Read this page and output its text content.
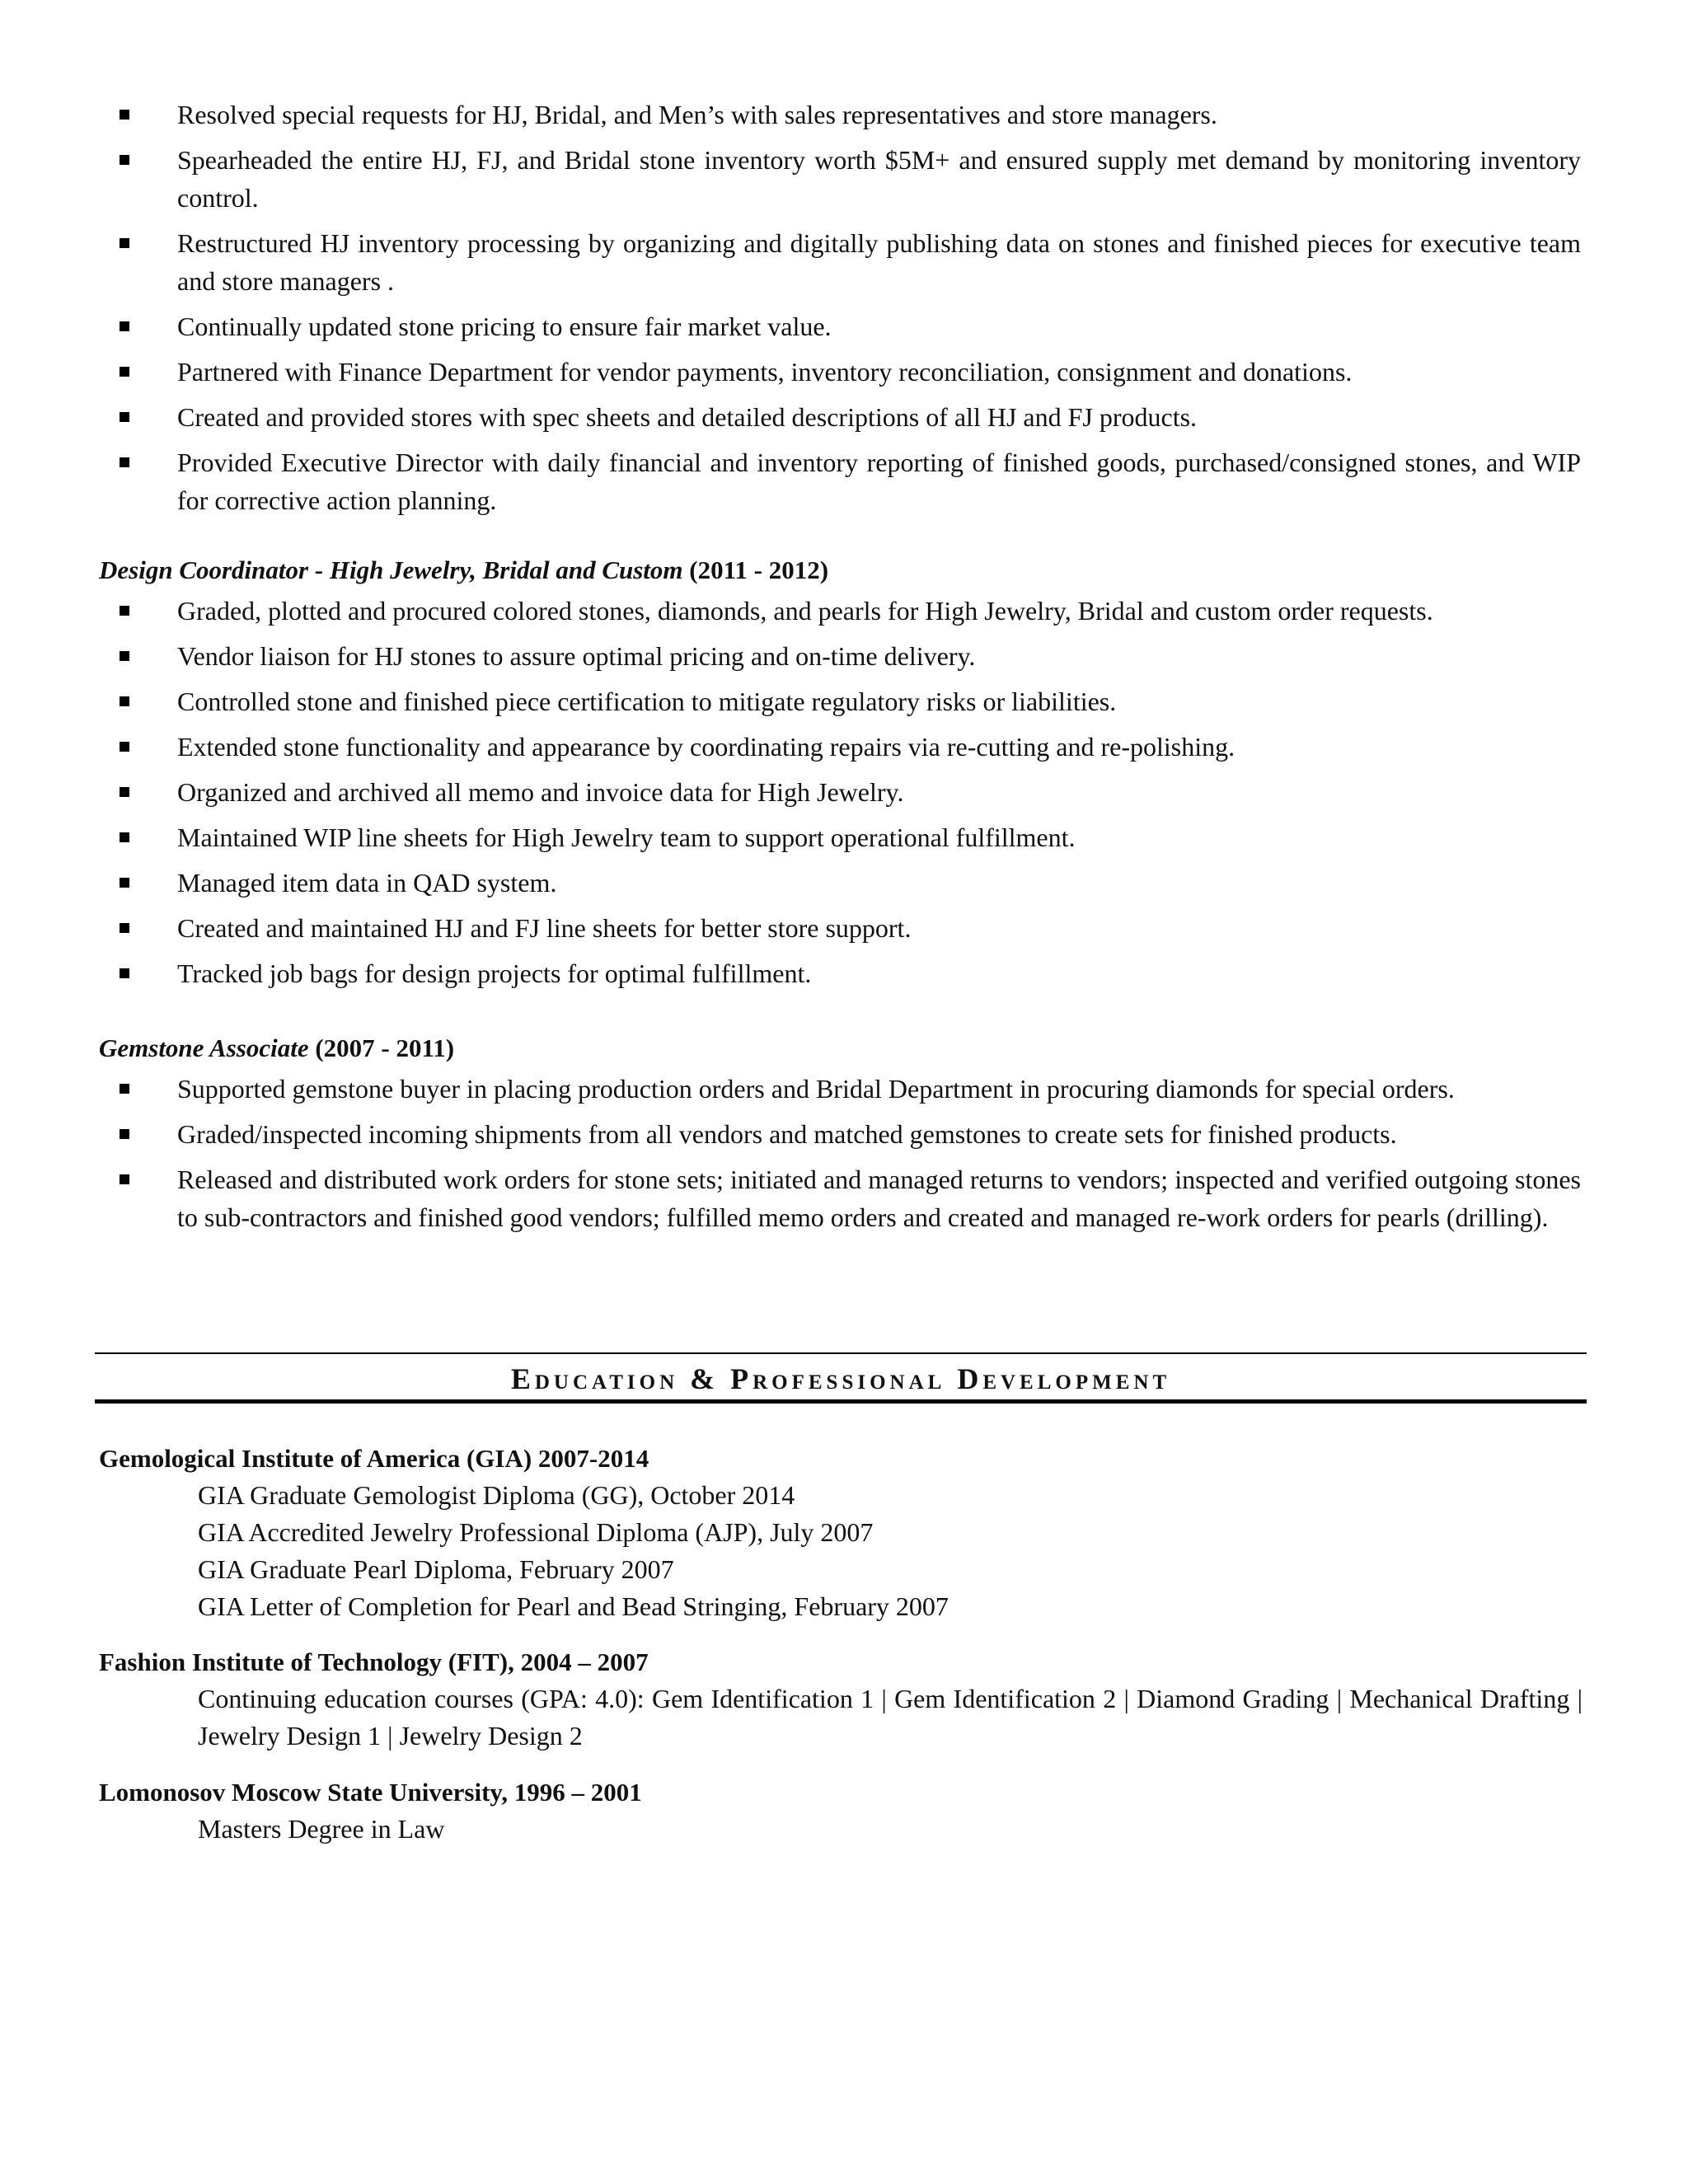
Resolved special requests for HJ, Bridal, and Men’s with sales representatives and store managers.
Spearheaded the entire HJ, FJ, and Bridal stone inventory worth $5M+ and ensured supply met demand by monitoring inventory control.
Restructured HJ inventory processing by organizing and digitally publishing data on stones and finished pieces for executive team and store managers .
Continually updated stone pricing to ensure fair market value.
Partnered with Finance Department for vendor payments, inventory reconciliation, consignment and donations.
Created and provided stores with spec sheets and detailed descriptions of all HJ and FJ products.
Provided Executive Director with daily financial and inventory reporting of finished goods, purchased/consigned stones, and WIP for corrective action planning.
Design Coordinator - High Jewelry, Bridal and Custom (2011 - 2012)
Graded, plotted and procured colored stones, diamonds, and pearls for High Jewelry, Bridal and custom order requests.
Vendor liaison for HJ stones to assure optimal pricing and on-time delivery.
Controlled stone and finished piece certification to mitigate regulatory risks or liabilities.
Extended stone functionality and appearance by coordinating repairs via re-cutting and re-polishing.
Organized and archived all memo and invoice data for High Jewelry.
Maintained WIP line sheets for High Jewelry team to support operational fulfillment.
Managed item data in QAD system.
Created and maintained HJ and FJ line sheets for better store support.
Tracked job bags for design projects for optimal fulfillment.
Gemstone Associate (2007 - 2011)
Supported gemstone buyer in placing production orders and Bridal Department in procuring diamonds for special orders.
Graded/inspected incoming shipments from all vendors and matched gemstones to create sets for finished products.
Released and distributed work orders for stone sets; initiated and managed returns to vendors; inspected and verified outgoing stones to sub-contractors and finished good vendors; fulfilled memo orders and created and managed re-work orders for pearls (drilling).
Education & Professional Development
Gemological Institute of America (GIA) 2007-2014
GIA Graduate Gemologist Diploma (GG), October 2014
GIA Accredited Jewelry Professional Diploma (AJP), July 2007
GIA Graduate Pearl Diploma, February 2007
GIA Letter of Completion for Pearl and Bead Stringing, February 2007
Fashion Institute of Technology (FIT), 2004 – 2007
Continuing education courses (GPA: 4.0): Gem Identification 1 | Gem Identification 2 | Diamond Grading | Mechanical Drafting | Jewelry Design 1 | Jewelry Design 2
Lomonosov Moscow State University, 1996 – 2001
Masters Degree in Law
